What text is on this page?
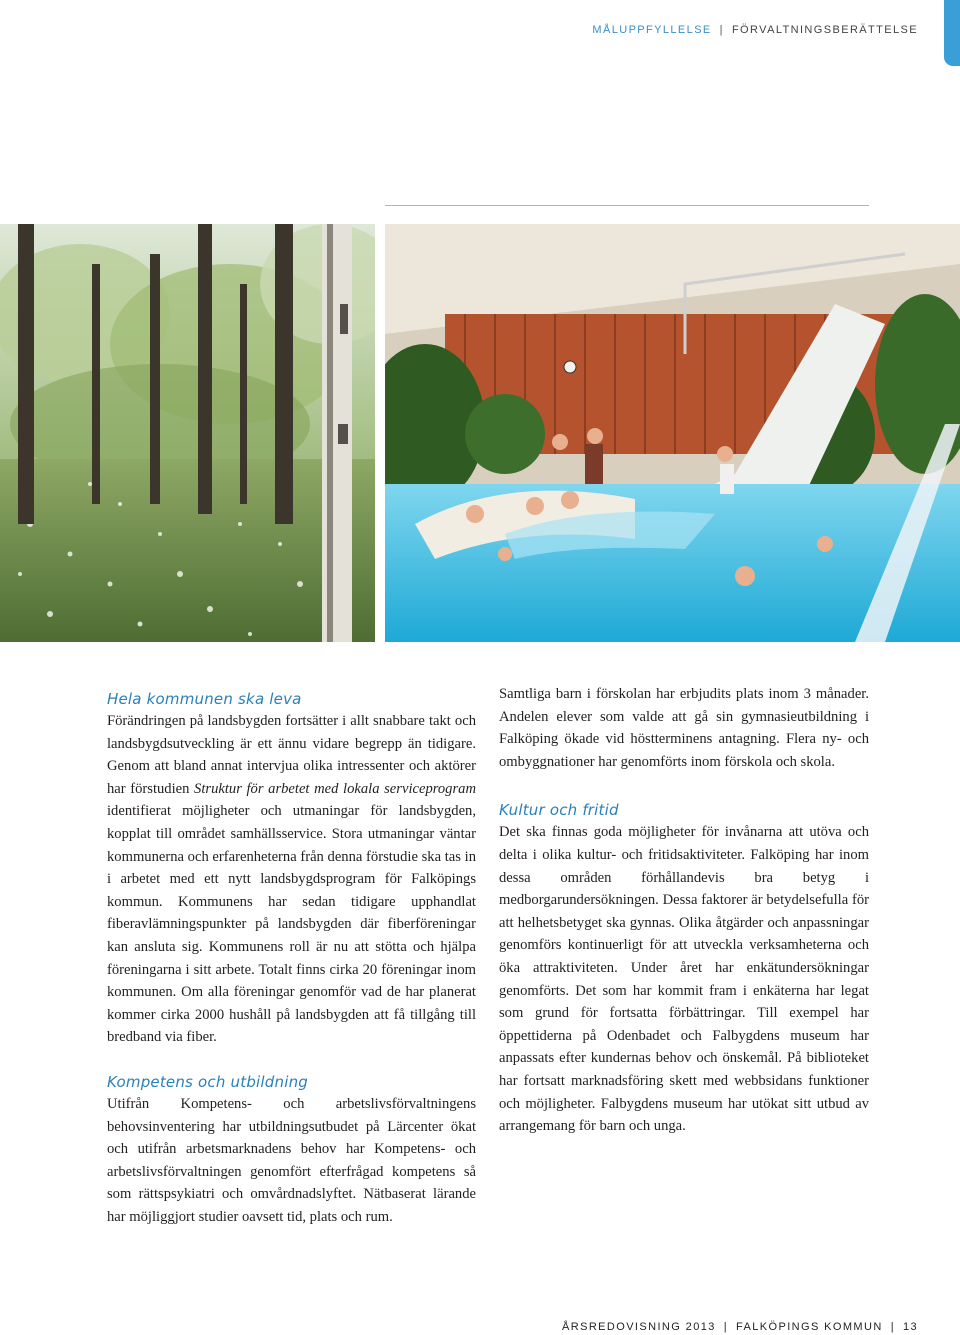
MÅLUPPFYLLELSE | FÖRVALTNINGSBERÄTTELSE

Hela kommunen ska leva

Förändringen på landsbygden fortsätter i allt snabbare takt och landsbygdsutveckling är ett ännu vidare begrepp än tidigare. Genom att bland annat intervjua olika intressenter och aktörer har förstudien Struktur för arbetet med lokala serviceprogram identifierat möjligheter och utmaningar för landsbygden, kopplat till området samhällsservice. Stora utmaningar väntar kommunerna och erfarenheterna från denna förstudie ska tas in i arbetet med ett nytt landsbygdsprogram för Falköpings kommun. Kommunens har sedan tidigare upphandlat fiberavlämningspunkter på landsbygden där fiberföreningar kan ansluta sig. Kommunens roll är nu att stötta och hjälpa föreningarna i sitt arbete. Totalt finns cirka 20 föreningar inom kommunen. Om alla föreningar genomför vad de har planerat kommer cirka 2000 hushåll på landsbygden att få tillgång till bredband via fiber.

Kompetens och utbildning

Utifrån Kompetens- och arbetslivsförvaltningens behovsinventering har utbildningsutbudet på Lärcenter ökat och utifrån arbetsmarknadens behov har Kompetens- och arbetslivsförvaltningen genomfört efterfrågad kompetens så som rättspsykiatri och omvårdnadslyftet. Nätbaserat lärande har möjliggjort studier oavsett tid, plats och rum.

Samtliga barn i förskolan har erbjudits plats inom 3 månader. Andelen elever som valde att gå sin gymnasieutbildning i Falköping ökade vid höstterminens antagning. Flera ny- och ombyggnationer har genomförts inom förskola och skola.

Kultur och fritid

Det ska finnas goda möjligheter för invånarna att utöva och delta i olika kultur- och fritidsaktiviteter. Falköping har inom dessa områden förhållandevis bra betyg i medborgarundersökningen. Dessa faktorer är betydelsefulla för att helhetsbetyget ska gynnas. Olika åtgärder och anpassningar genomförs kontinuerligt för att utveckla verksamheterna och öka attraktiviteten. Under året har enkätundersökningar genomförts. Det som har kommit fram i enkäterna har legat som grund för fortsatta förbättringar. Till exempel har öppettiderna på Odenbadet och Falbygdens museum har anpassats efter kundernas behov och önskemål. På biblioteket har fortsatt marknadsföring skett med webbsidans funktioner och möjligheter. Falbygdens museum har utökat sitt utbud av arrangemang för barn och unga.

ÅRSREDOVISNING 2013 | FALKÖPINGS KOMMUN | 13
